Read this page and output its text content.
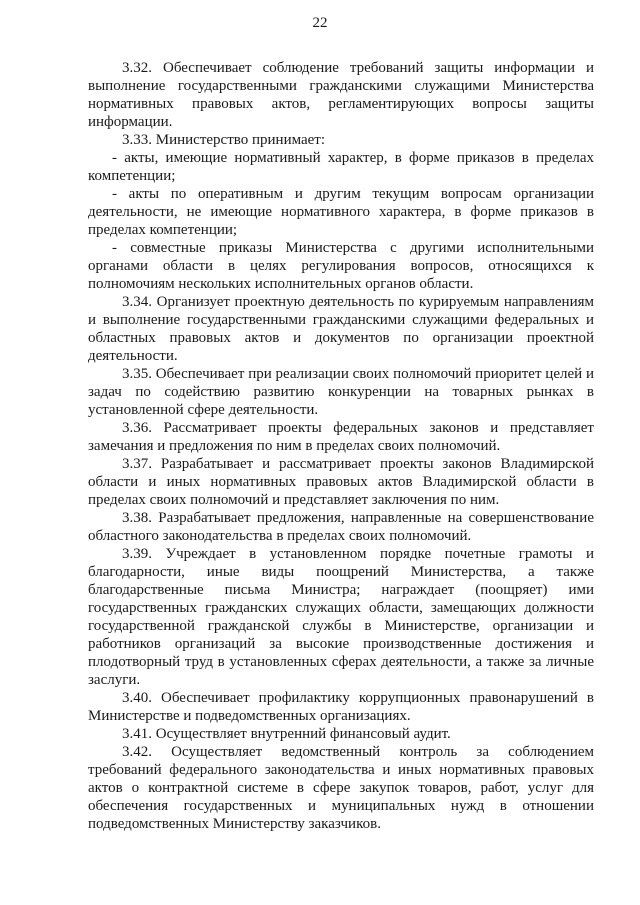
22

3.32. Обеспечивает соблюдение требований защиты информации и выполнение государственными гражданскими служащими Министерства нормативных правовых актов, регламентирующих вопросы защиты информации.

3.33. Министерство принимает:

- акты, имеющие нормативный характер, в форме приказов в пределах компетенции;

- акты по оперативным и другим текущим вопросам организации деятельности, не имеющие нормативного характера, в форме приказов в пределах компетенции;

- совместные приказы Министерства с другими исполнительными органами области в целях регулирования вопросов, относящихся к полномочиям нескольких исполнительных органов области.

3.34. Организует проектную деятельность по курируемым направлениям и выполнение государственными гражданскими служащими федеральных и областных правовых актов и документов по организации проектной деятельности.

3.35. Обеспечивает при реализации своих полномочий приоритет целей и задач по содействию развитию конкуренции на товарных рынках в установленной сфере деятельности.

3.36. Рассматривает проекты федеральных законов и представляет замечания и предложения по ним в пределах своих полномочий.

3.37. Разрабатывает и рассматривает проекты законов Владимирской области и иных нормативных правовых актов Владимирской области в пределах своих полномочий и представляет заключения по ним.

3.38. Разрабатывает предложения, направленные на совершенствование областного законодательства в пределах своих полномочий.

3.39. Учреждает в установленном порядке почетные грамоты и благодарности, иные виды поощрений Министерства, а также благодарственные письма Министра; награждает (поощряет) ими государственных гражданских служащих области, замещающих должности государственной гражданской службы в Министерстве, организации и работников организаций за высокие производственные достижения и плодотворный труд в установленных сферах деятельности, а также за личные заслуги.

3.40. Обеспечивает профилактику коррупционных правонарушений в Министерстве и подведомственных организациях.

3.41. Осуществляет внутренний финансовый аудит.

3.42. Осуществляет ведомственный контроль за соблюдением требований федерального законодательства и иных нормативных правовых актов о контрактной системе в сфере закупок товаров, работ, услуг для обеспечения государственных и муниципальных нужд в отношении подведомственных Министерству заказчиков.
